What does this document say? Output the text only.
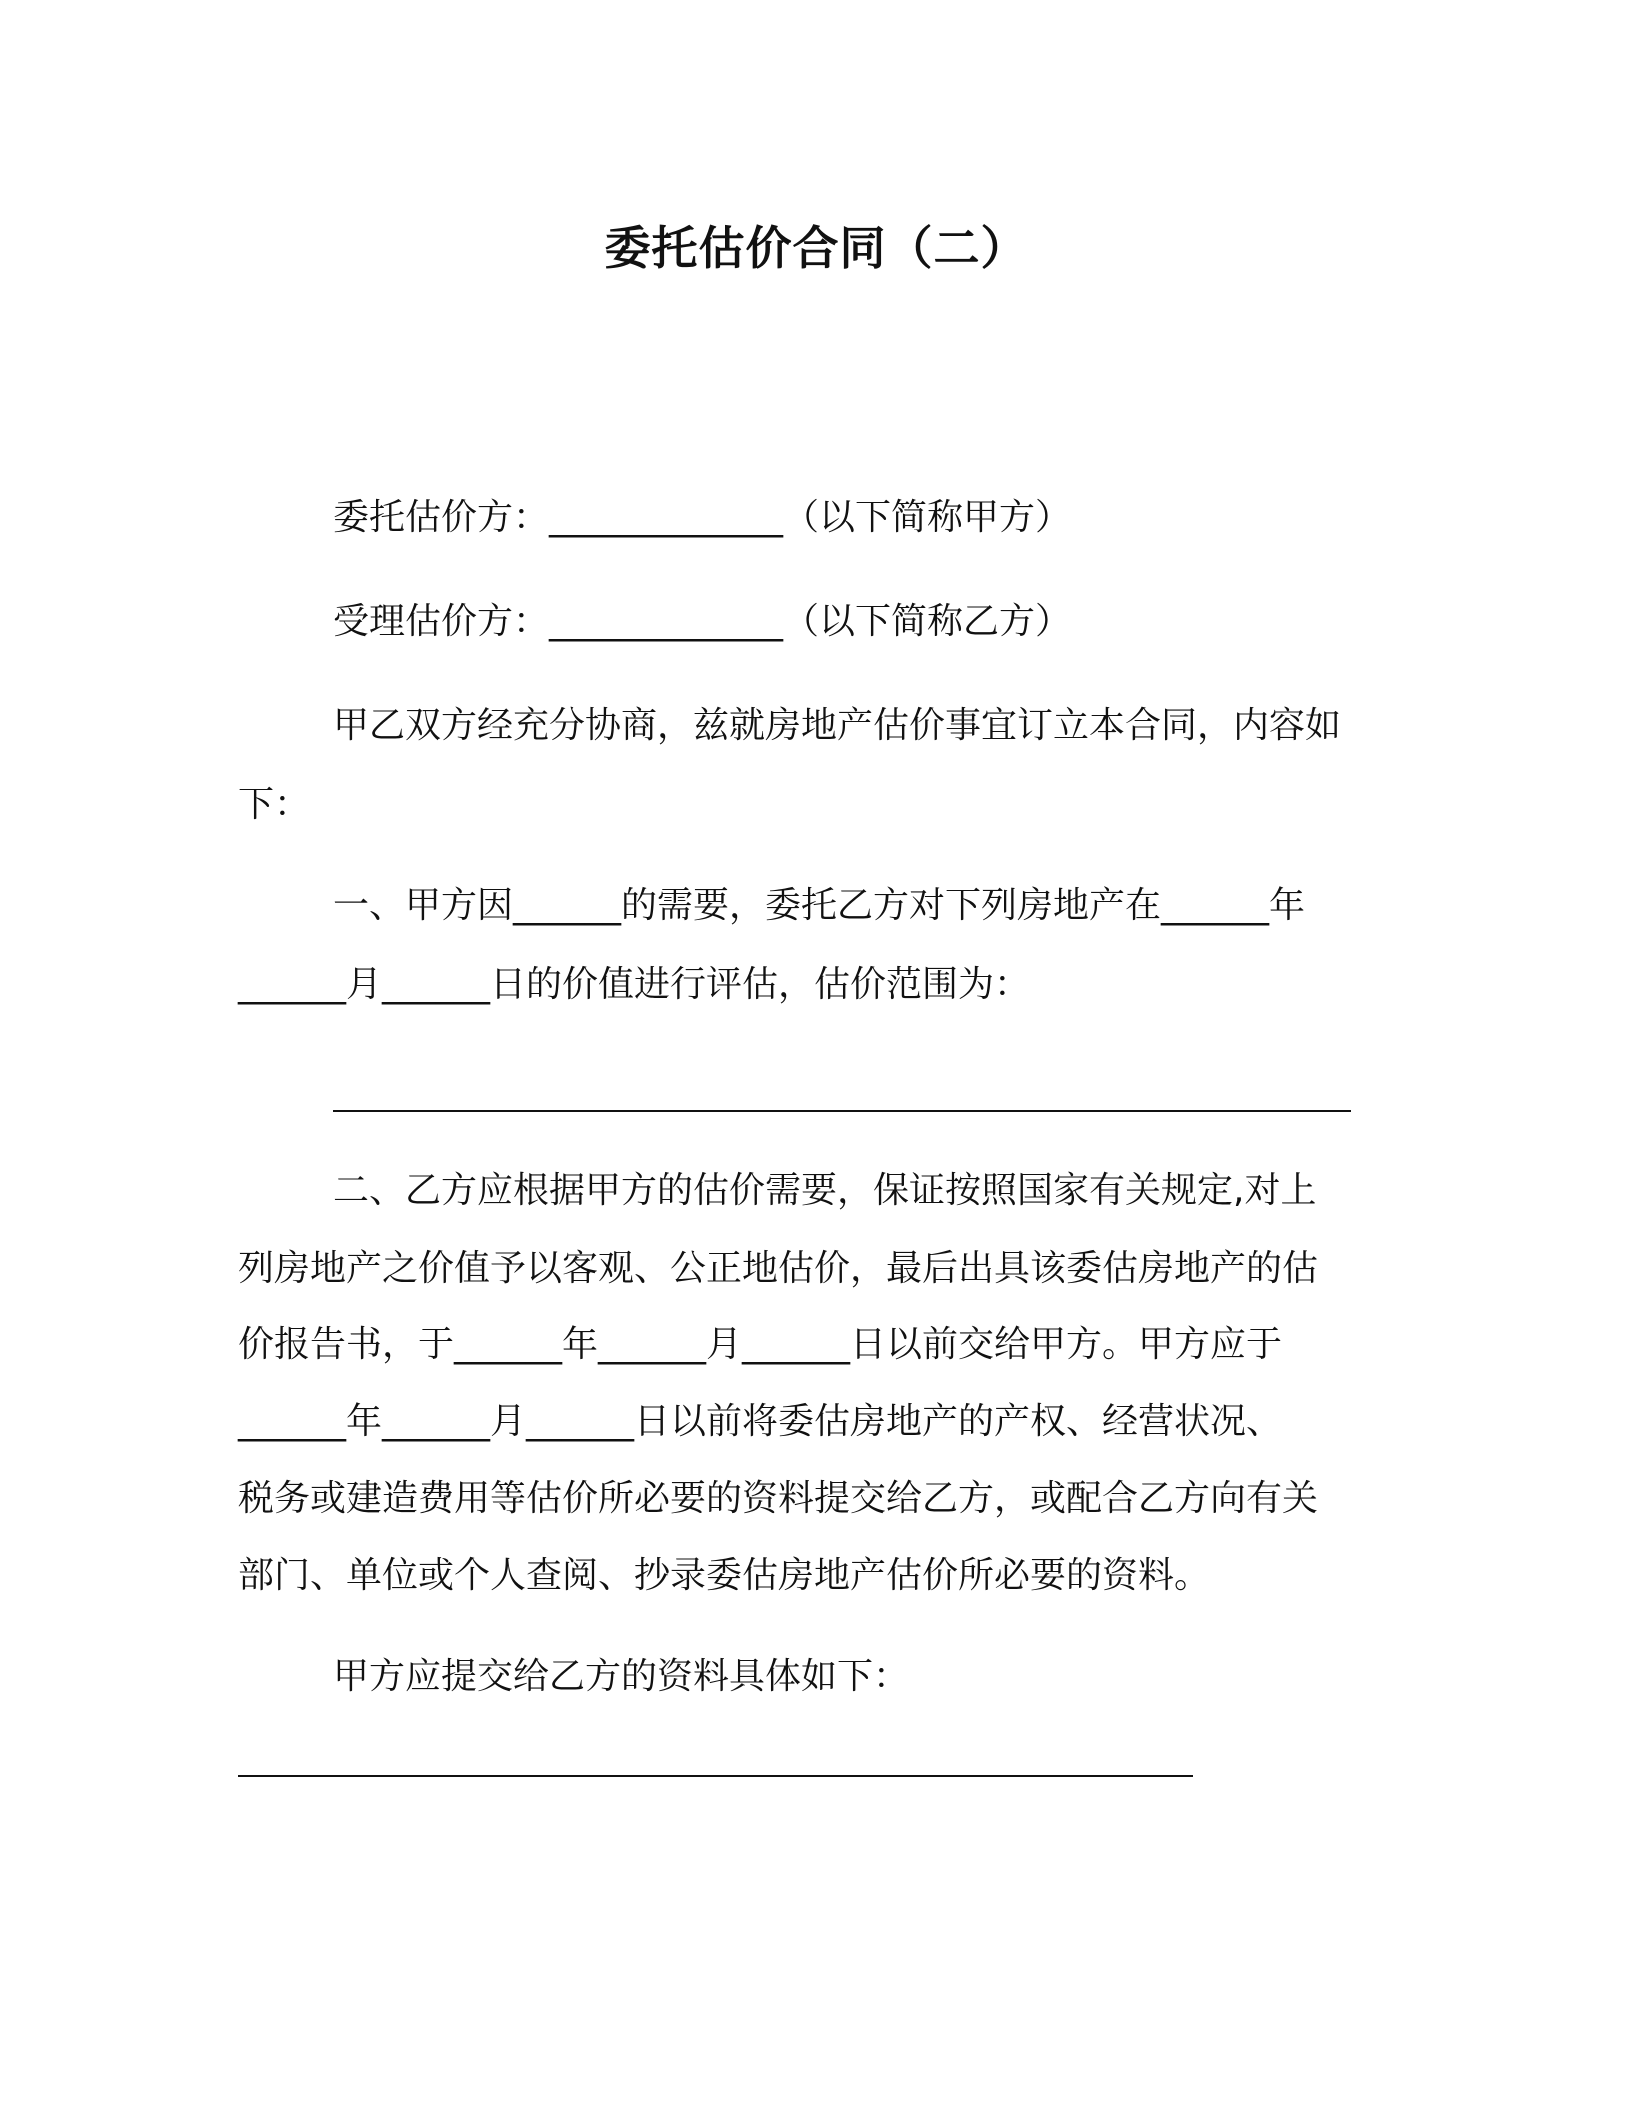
委托估价合同（二）
委托估价方：_____________（以下简称甲方）
受理估价方：_____________（以下简称乙方）
甲乙双方经充分协商，兹就房地产估价事宜订立本合同，内容如
下：
一、甲方因______的需要，委托乙方对下列房地产在______年
______月______日的价值进行评估，估价范围为：
二、乙方应根据甲方的估价需要，保证按照国家有关规定,对上
列房地产之价值予以客观、公正地估价，最后出具该委估房地产的估
价报告书，于______年______月______日以前交给甲方。甲方应于
______年______月______日以前将委估房地产的产权、经营状况、
税务或建造费用等估价所必要的资料提交给乙方，或配合乙方向有关
部门、单位或个人查阅、抄录委估房地产估价所必要的资料。
甲方应提交给乙方的资料具体如下：
